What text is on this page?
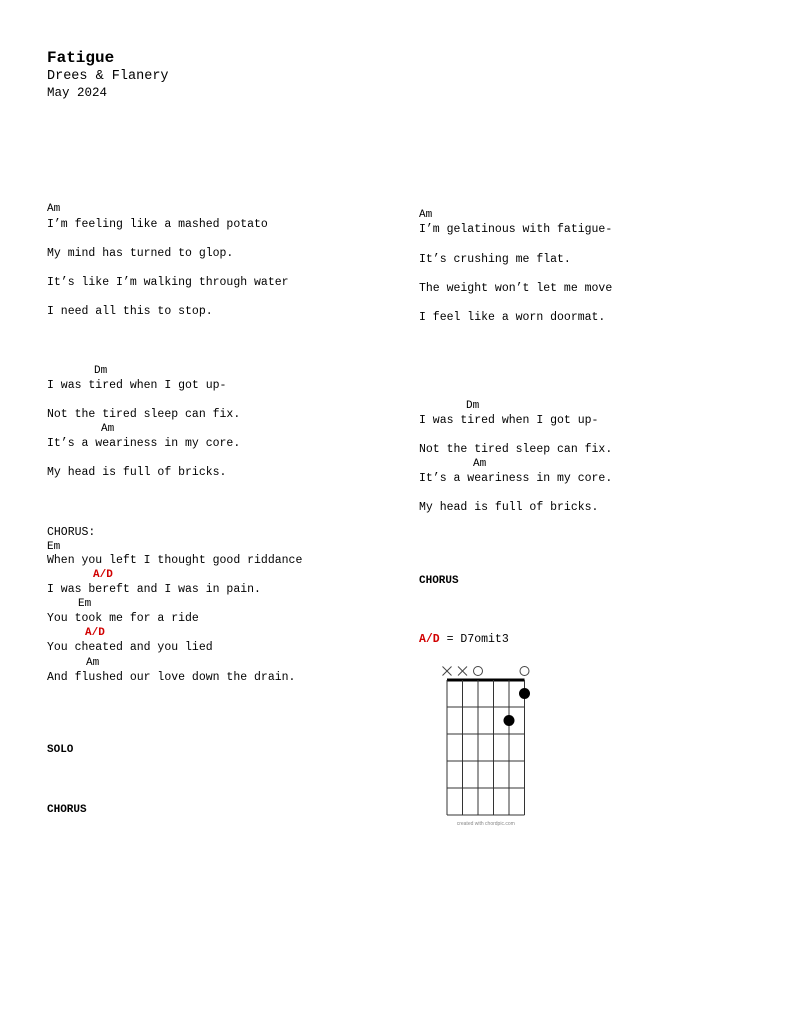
Fatigue
Drees & Flanery
May 2024
Am
I’m feeling like a mashed potato
My mind has turned to glop.
It’s like I’m walking through water
I need all this to stop.
Dm
I was tired when I got up-
Not the tired sleep can fix.
Am
It’s a weariness in my core.
My head is full of bricks.
CHORUS:
Em
When you left I thought good riddance
A/D
I was bereft and I was in pain.
Em
You took me for a ride
A/D
You cheated and you lied
Am
And flushed our love down the drain.
SOLO
CHORUS
Am
I’m gelatinous with fatigue-
It’s crushing me flat.
The weight won’t let me move
I feel like a worn doormat.
Dm
I was tired when I got up-
Not the tired sleep can fix.
Am
It’s a weariness in my core.
My head is full of bricks.
CHORUS
A/D = D7omit3
created with chordpic.com
